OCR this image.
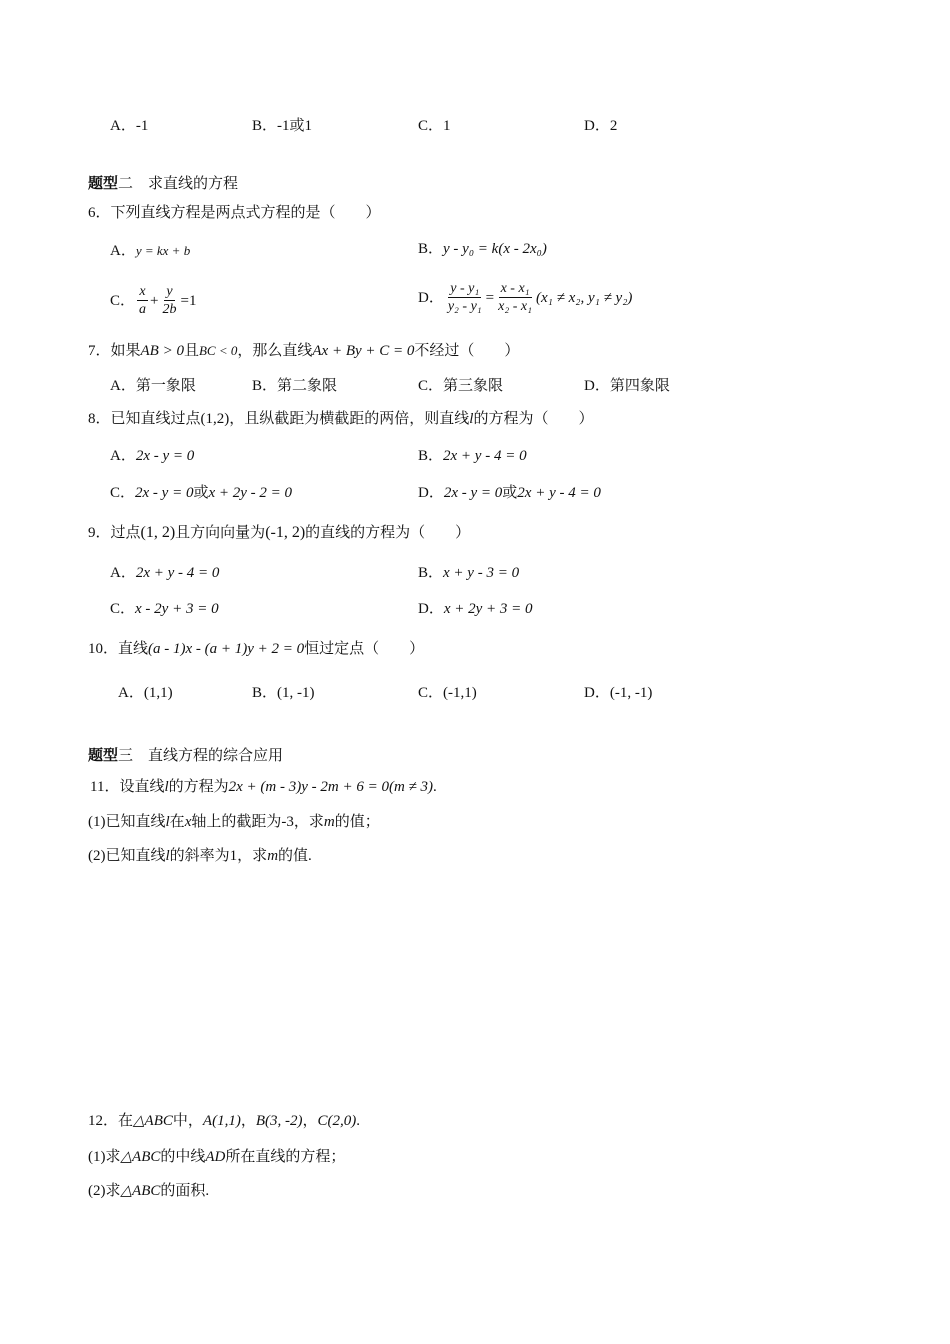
A．-1	B．-1或1	C．1	D．2
题型二　求直线的方程
6．下列直线方程是两点式方程的是（　　）
A．y = kx + b	B．y - y₀ = k(x - 2x₀)
C． $\frac{x}{a} + \frac{y}{2b} =1$	D． $\frac{\text{y - y₁}}{\text{y₂ - y₁}} = \frac{\text{x - x₁}}{\text{x₂ - x₁}} (x_1 \ne x_2$, y₁ ≠ y₂)
7．如果AB > 0且BC < 0，那么直线Ax + By + C = 0不经过（　　）
A．第一象限	B．第二象限	C．第三象限	D．第四象限
8．已知直线过点(1,2)，且纵截距为横截距的两倍，则直线l的方程为（　　）
A．2x - y = 0	B．2x + y - 4 = 0
C．2x - y = 0或x + 2y - 2 = 0	D．2x - y = 0或2x + y - 4 = 0
9．过点(1, 2)且方向向量为(-1, 2)的直线的方程为（　　）
A．2x + y - 4 = 0	B．x + y - 3 = 0
C．x - 2y + 3 = 0	D．x + 2y + 3 = 0
10．直线(a - 1)x - (a + 1)y + 2 = 0恒过定点（　　）
A．(1,1)	B．(1, -1)	C．(-1,1)	D．(-1, -1)
题型三　直线方程的综合应用
11．设直线l的方程为2x + (m - 3)y - 2m + 6 = 0(m ≠ 3).
(1)已知直线l在x轴上的截距为-3，求m的值；
(2)已知直线l的斜率为1，求m的值.
12．在△ABC中，A(1,1)，B(3, -2)，C(2,0).
(1)求△ABC的中线AD所在直线的方程；
(2)求△ABC的面积.
